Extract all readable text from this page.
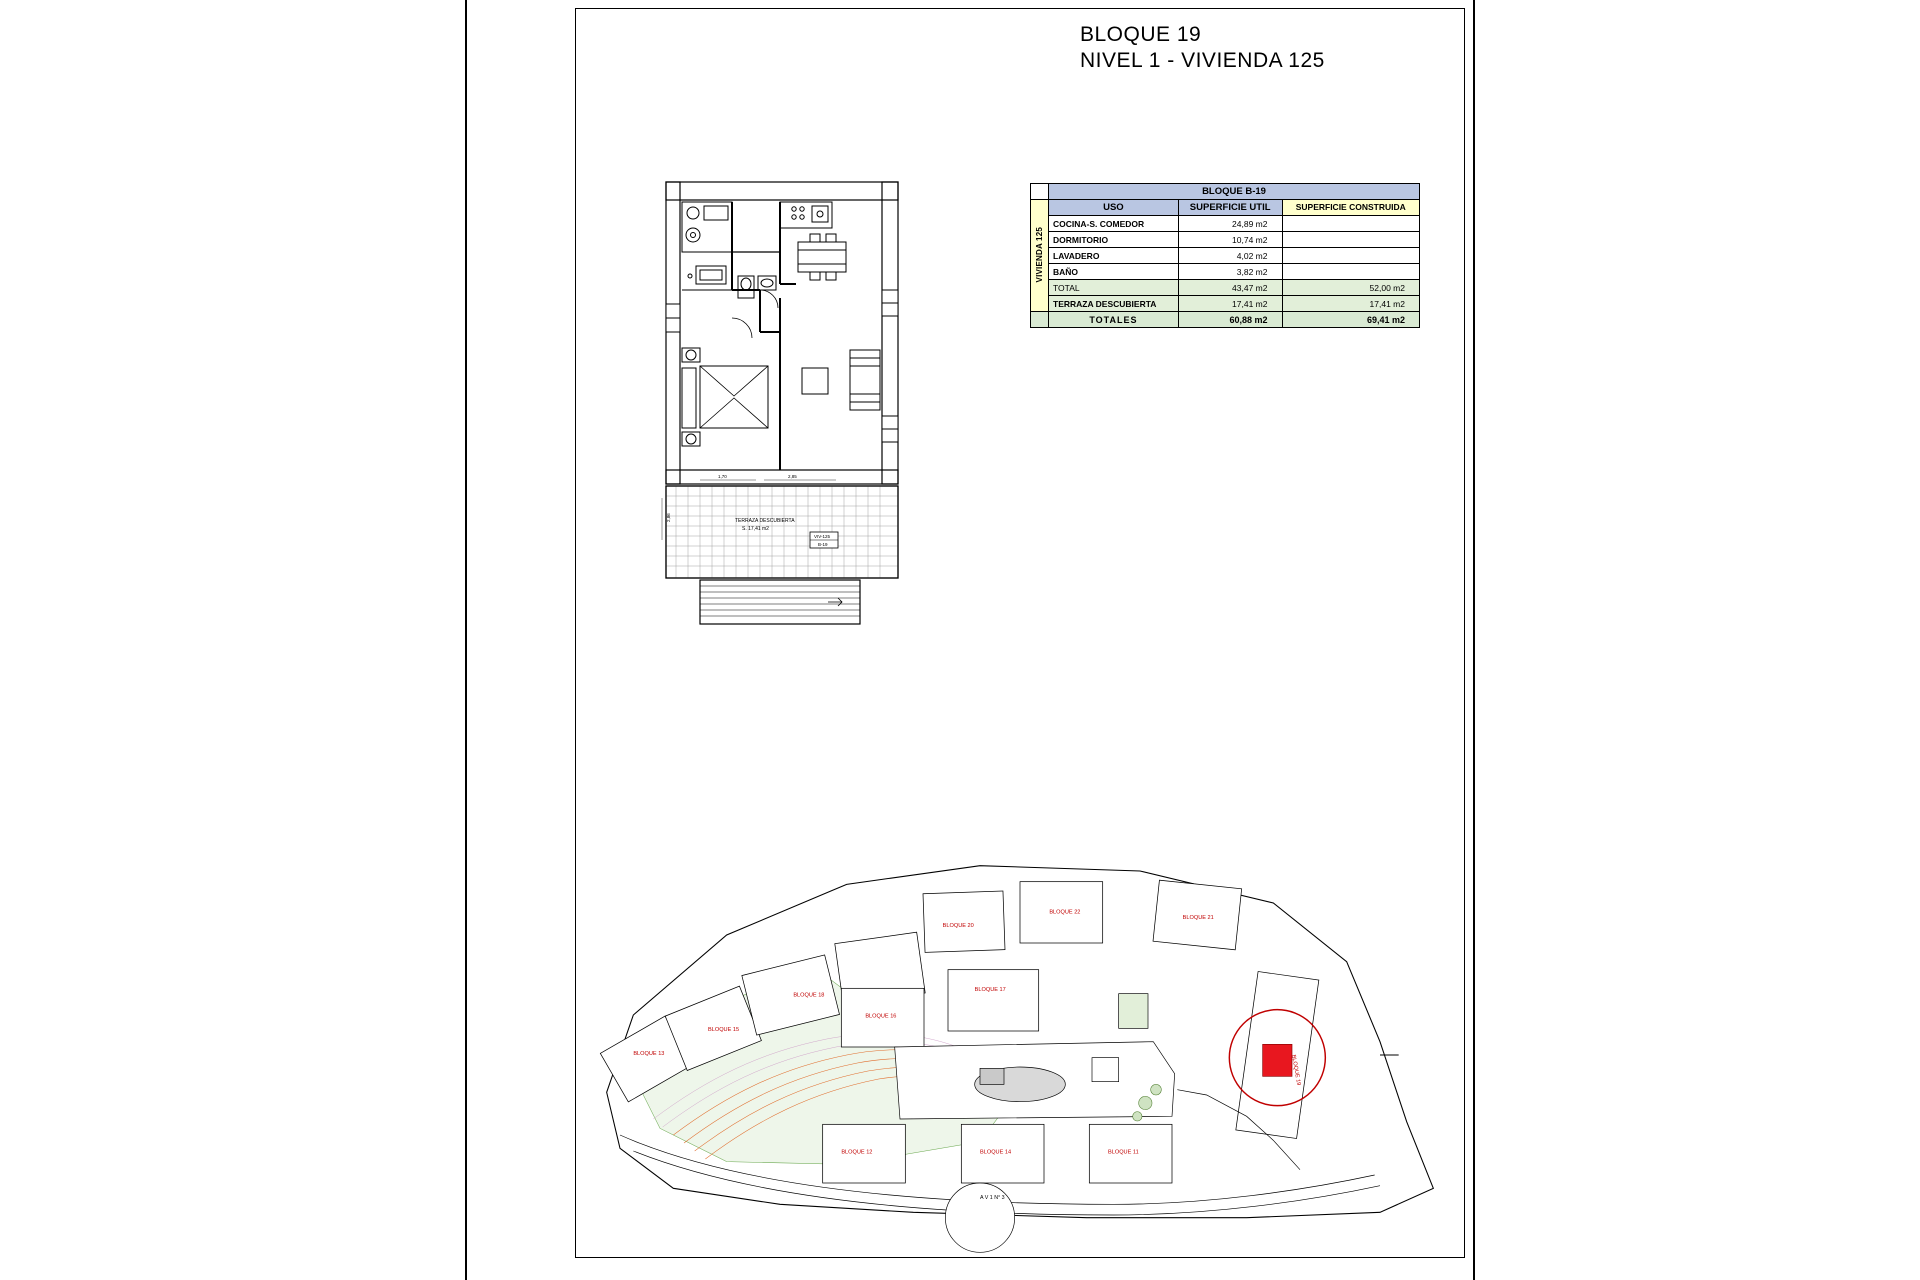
BLOQUE 19
NIVEL 1 - VIVIENDA 125
	BLOQUE B-19		
VIVIENDA 125	USO	SUPERFICIE UTIL	SUPERFICIE CONSTRUIDA
	COCINA-S. COMEDOR	24,89 m2	
	DORMITORIO	10,74 m2	
	LAVADERO	4,02 m2	
	BAÑO	3,82 m2	
	TOTAL	43,47 m2	52,00 m2
	TERRAZA DESCUBIERTA	17,41 m2	17,41 m2
	TOTALES	60,88 m2	69,41 m2
TERRAZA DESCUBIERTA
S. 17,41 m2
VIV-125
B-19
1,70	2,85
2,86
BLOQUE 22
BLOQUE 21
BLOQUE 20
BLOQUE 19
BLOQUE 18
BLOQUE 17
BLOQUE 16
BLOQUE 15
BLOQUE 13
BLOQUE 12	BLOQUE 14	BLOQUE 11
A V 1 N° 3
